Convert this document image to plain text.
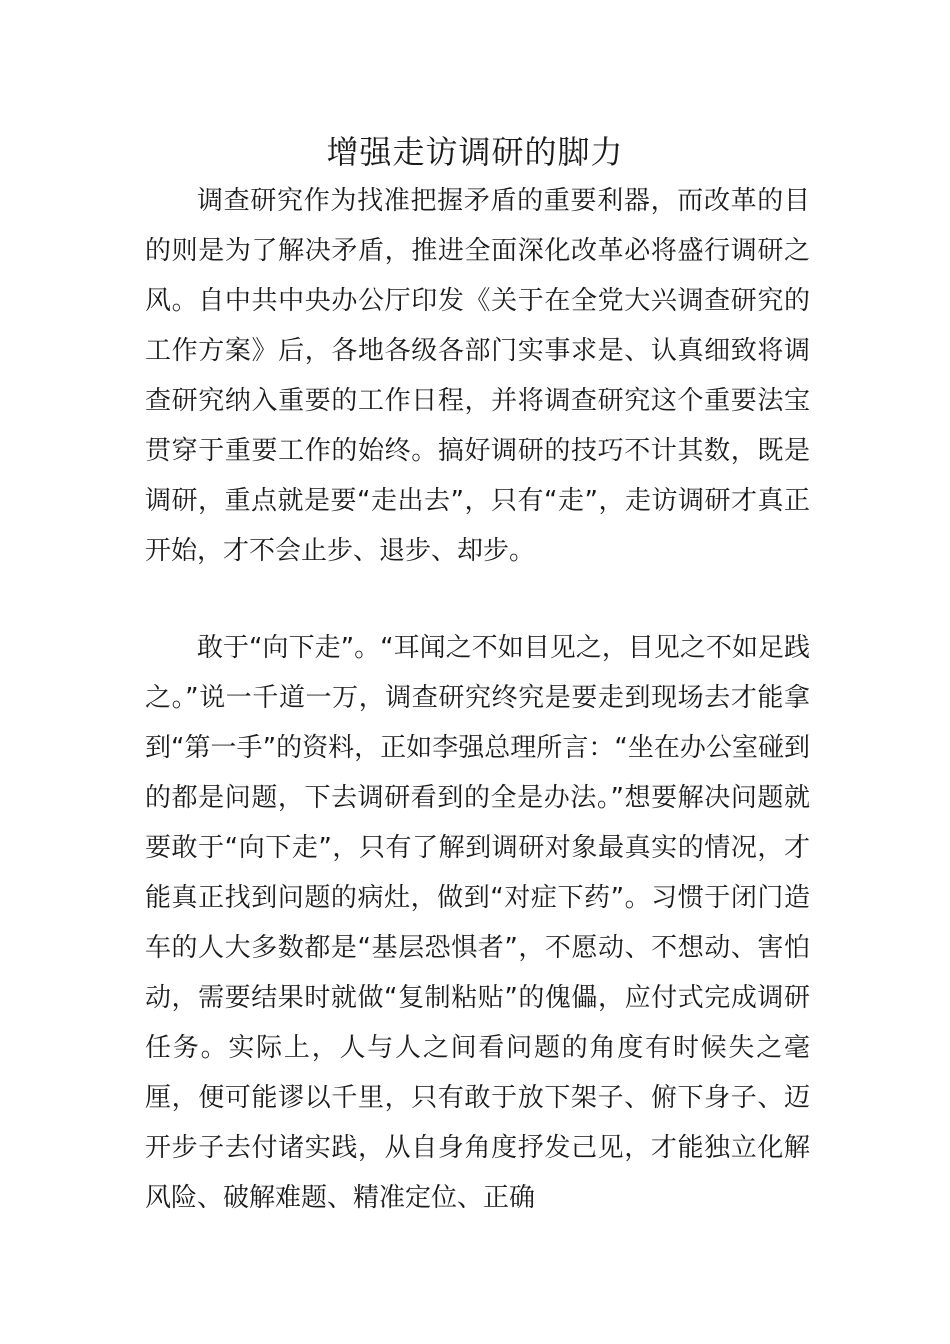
增强走访调研的脚力

调查研究作为找准把握矛盾的重要利器，而改革的目的则是为了解决矛盾，推进全面深化改革必将盛行调研之风。自中共中央办公厅印发《关于在全党大兴调查研究的工作方案》后，各地各级各部门实事求是、认真细致将调查研究纳入重要的工作日程，并将调查研究这个重要法宝贯穿于重要工作的始终。搞好调研的技巧不计其数，既是调研，重点就是要“走出去”，只有“走”，走访调研才真正开始，才不会止步、退步、却步。

敢于“向下走”。“耳闻之不如目见之，目见之不如足践之。”说一千道一万，调查研究终究是要走到现场去才能拿到“第一手”的资料，正如李强总理所言：“坐在办公室碰到的都是问题，下去调研看到的全是办法。”想要解决问题就要敢于“向下走”，只有了解到调研对象最真实的情况，才能真正找到问题的病灶，做到“对症下药”。习惯于闭门造车的人大多数都是“基层恐惧者”，不愿动、不想动、害怕动，需要结果时就做“复制粘贴”的傀儡，应付式完成调研任务。实际上，人与人之间看问题的角度有时候失之毫厘，便可能谬以千里，只有敢于放下架子、俯下身子、迈开步子去付诸实践，从自身角度抒发己见，才能独立化解风险、破解难题、精准定位、正确
